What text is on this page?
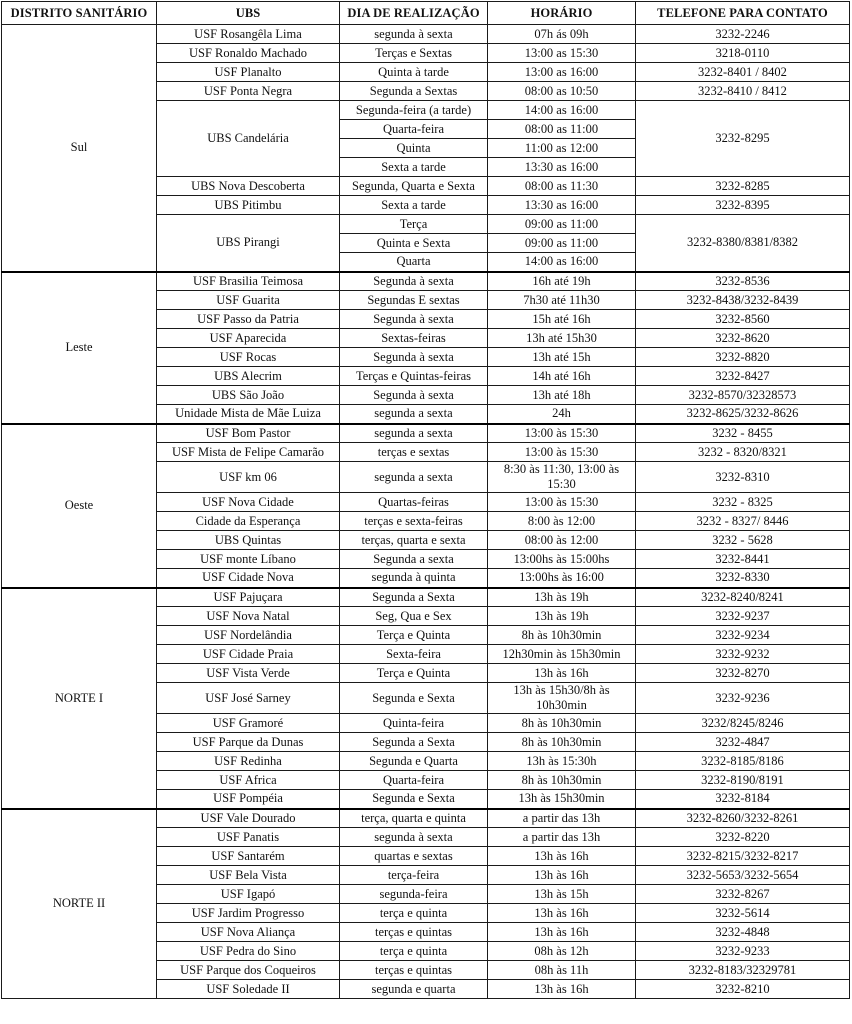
DISTRITO SANITÁRIO	UBS	DIA DE REALIZAÇÃO	HORÁRIO	TELEFONE PARA CONTATO
Sul	USF Rosangêla Lima	segunda à sexta	07h ás 09h	3232-2246
	USF Ronaldo Machado	Terças e Sextas	13:00 as 15:30	3218-0110
	USF Planalto	Quinta à tarde	13:00 as 16:00	3232-8401 / 8402
	USF Ponta Negra	Segunda a Sextas	08:00 as 10:50	3232-8410 / 8412
	UBS Candelária	Segunda-feira (a tarde)	14:00 as 16:00	3232-8295
		Quarta-feira	08:00 as 11:00	
		Quinta	11:00 as 12:00	
		Sexta a tarde	13:30 as 16:00	
	UBS Nova Descoberta	Segunda, Quarta e Sexta	08:00 as 11:30	3232-8285
	UBS Pitimbu	Sexta a tarde	13:30 as 16:00	3232-8395
	UBS Pirangi	Terça	09:00 as 11:00	3232-8380/8381/8382
		Quinta e Sexta	09:00 as 11:00	
		Quarta	14:00 as 16:00	
Leste	USF Brasilia Teimosa	Segunda à sexta	16h até 19h	3232-8536
	USF Guarita	Segundas E sextas	7h30 até 11h30	3232-8438/3232-8439
	USF Passo da Patria	Segunda à sexta	15h até 16h	3232-8560
	USF Aparecida	Sextas-feiras	13h até 15h30	3232-8620
	USF Rocas	Segunda à sexta	13h até 15h	3232-8820
	UBS Alecrim	Terças e Quintas-feiras	14h até 16h	3232-8427
	UBS São João	Segunda à sexta	13h até 18h	3232-8570/32328573
	Unidade Mista de Mãe Luiza	segunda a sexta	24h	3232-8625/3232-8626
Oeste	USF Bom Pastor	segunda a sexta	13:00 às 15:30	3232 - 8455
	USF Mista de Felipe Camarão	terças e sextas	13:00 às 15:30	3232 - 8320/8321
	USF km 06	segunda a sexta	8:30 às 11:30, 13:00 às 15:30	3232-8310
	USF Nova Cidade	Quartas-feiras	13:00 às 15:30	3232 - 8325
	Cidade da Esperança	terças e sexta-feiras	8:00 às 12:00	3232 - 8327/ 8446
	UBS Quintas	terças, quarta e sexta	08:00 às 12:00	3232 - 5628
	USF monte Líbano	Segunda a sexta	13:00hs às 15:00hs	3232-8441
	USF Cidade Nova	segunda à quinta	13:00hs às 16:00	3232-8330
NORTE I	USF Pajuçara	Segunda a Sexta	13h às 19h	3232-8240/8241
	USF Nova Natal	Seg, Qua e Sex	13h às 19h	3232-9237
	USF Nordelândia	Terça e Quinta	8h às 10h30min	3232-9234
	USF Cidade Praia	Sexta-feira	12h30min às 15h30min	3232-9232
	USF Vista Verde	Terça e Quinta	13h às 16h	3232-8270
	USF José Sarney	Segunda e Sexta	13h às 15h30/8h às 10h30min	3232-9236
	USF Gramoré	Quinta-feira	8h às 10h30min	3232/8245/8246
	USF Parque da Dunas	Segunda a Sexta	8h às 10h30min	3232-4847
	USF Redinha	Segunda e Quarta	13h às 15:30h	3232-8185/8186
	USF Africa	Quarta-feira	8h às 10h30min	3232-8190/8191
	USF Pompéia	Segunda e Sexta	13h às 15h30min	3232-8184
NORTE II	USF Vale Dourado	terça, quarta e quinta	a partir das 13h	3232-8260/3232-8261
	USF Panatis	segunda à sexta	a partir das 13h	3232-8220
	USF Santarém	quartas e sextas	13h às 16h	3232-8215/3232-8217
	USF Bela Vista	terça-feira	13h às 16h	3232-5653/3232-5654
	USF Igapó	segunda-feira	13h às 15h	3232-8267
	USF Jardim Progresso	terça e quinta	13h às 16h	3232-5614
	USF Nova Aliança	terças e quintas	13h às 16h	3232-4848
	USF Pedra do Sino	terça e quinta	08h às 12h	3232-9233
	USF Parque dos Coqueiros	terças e quintas	08h às 11h	3232-8183/32329781
	USF Soledade II	segunda e quarta	13h às 16h	3232-8210
